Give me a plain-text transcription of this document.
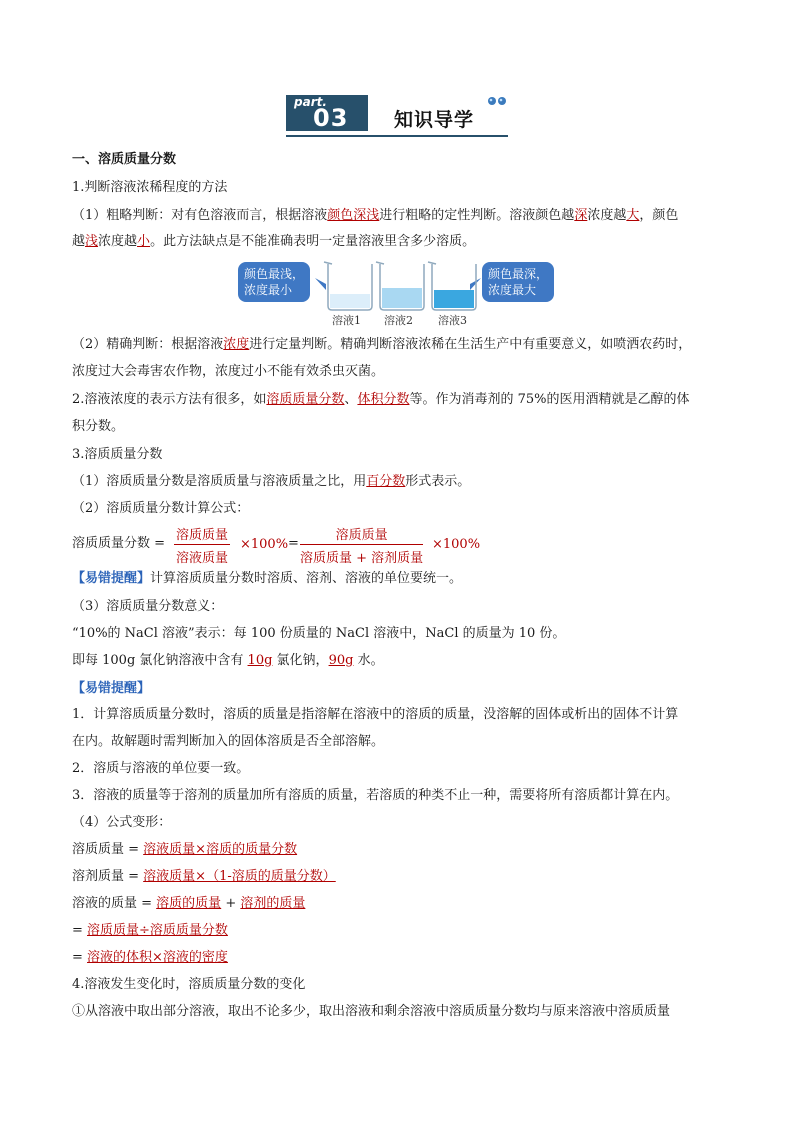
part.
03 知识导学
一、溶质质量分数
1.判断溶液浓稀程度的方法
（1）粗略判断：对有色溶液而言，根据溶液颜色深浅进行粗略的定性判断。溶液颜色越深浓度越大，颜色
越浅浓度越小。此方法缺点是不能准确表明一定量溶液里含多少溶质。
颜色最浅，
浓度最小
颜色最深，
浓度最大
溶液1 溶液2 溶液3
（2）精确判断：根据溶液浓度进行定量判断。精确判断溶液浓稀在生活生产中有重要意义，如喷洒农药时，
浓度过大会毒害农作物，浓度过小不能有效杀虫灭菌。
2.溶液浓度的表示方法有很多，如溶质质量分数、体积分数等。作为消毒剂的 75%的医用酒精就是乙醇的体
积分数。
3.溶质质量分数
（1）溶质质量分数是溶质质量与溶液质量之比，用百分数形式表示。
（2）溶质质量分数计算公式：
溶质质量分数 =
溶质质量
溶液质量
×100% =
溶质质量
溶质质量 + 溶剂质量
×100%
【易错提醒】计算溶质质量分数时溶质、溶剂、溶液的单位要统一。
（3）溶质质量分数意义：
“10%的 NaCl 溶液”表示：每 100 份质量的 NaCl 溶液中，NaCl 的质量为 10 份。
即每 100g 氯化钠溶液中含有 10g 氯化钠，90g 水。
【易错提醒】
1．计算溶质质量分数时，溶质的质量是指溶解在溶液中的溶质的质量，没溶解的固体或析出的固体不计算
在内。故解题时需判断加入的固体溶质是否全部溶解。
2．溶质与溶液的单位要一致。
3．溶液的质量等于溶剂的质量加所有溶质的质量，若溶质的种类不止一种，需要将所有溶质都计算在内。
（4）公式变形：
溶质质量 = 溶液质量×溶质的质量分数
溶剂质量 = 溶液质量×（1-溶质的质量分数）
溶液的质量 = 溶质的质量 + 溶剂的质量
= 溶质质量÷溶质质量分数
= 溶液的体积×溶液的密度
4.溶液发生变化时，溶质质量分数的变化
①从溶液中取出部分溶液，取出不论多少，取出溶液和剩余溶液中溶质质量分数均与原来溶液中溶质质量
